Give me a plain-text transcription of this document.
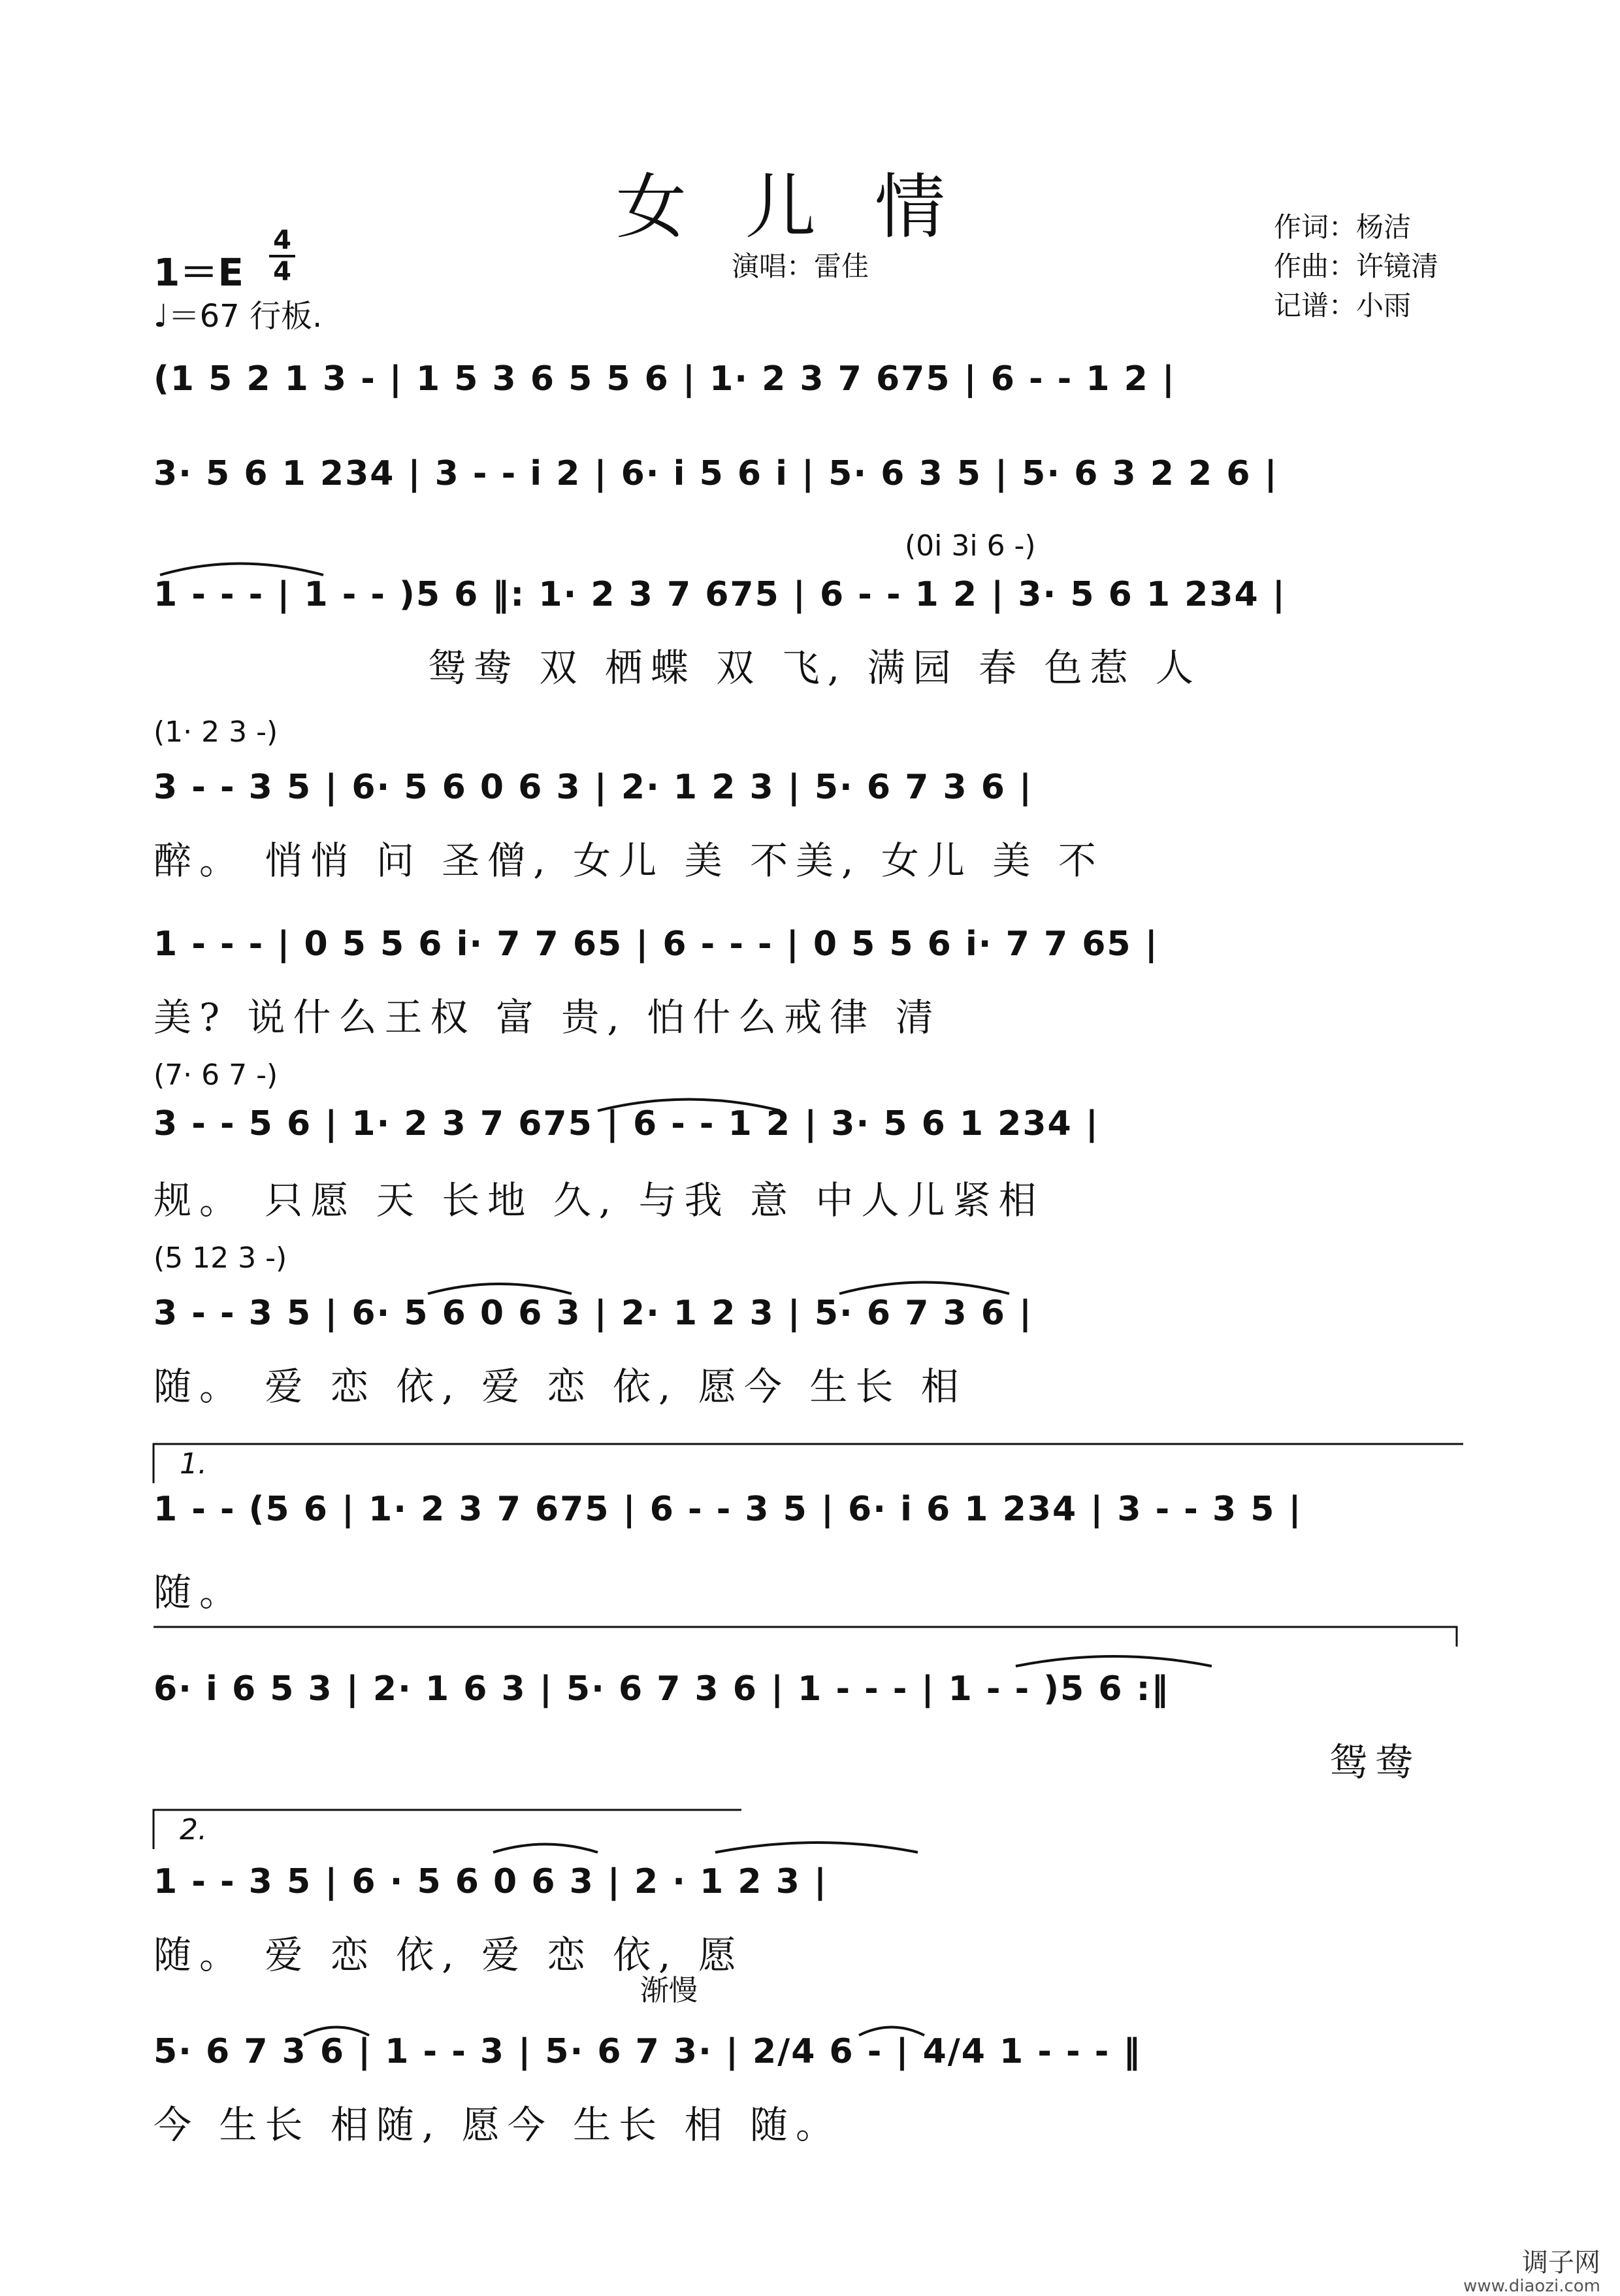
女儿情
1＝E
4
4
♩＝67 行板.
演唱：雷佳
作词：杨洁
作曲：许镜清
记谱：小雨
(1 5 2 1 3 - | 1 5 3 6 5 5 6 | 1· 2 3 7 675 | 6 - - 1 2 |
3· 5 6 1 234 | 3 - - i 2 | 6· i 5 6 i | 5· 6 3 5 | 5· 6 3 2 2 6 |
(0i 3i 6 -)
1 - - - | 1 - - )5 6 ‖: 1· 2 3 7 675 | 6 - - 1 2 | 3· 5 6 1 234 |
鸳鸯 双 栖蝶 双 飞, 满园 春 色惹 人
(1· 2 3 -)
3 - - 3 5 | 6· 5 6 0 6 3 | 2· 1 2 3 | 5· 6 7 3 6 |
醉。 悄悄 问 圣僧, 女儿 美 不美, 女儿 美 不
1 - - - | 0 5 5 6 i· 7 7 65 | 6 - - - | 0 5 5 6 i· 7 7 65 |
美? 说什么王权 富 贵, 怕什么戒律 清
(7· 6 7 -)
3 - - 5 6 | 1· 2 3 7 675 | 6 - - 1 2 | 3· 5 6 1 234 |
规。 只愿 天 长地 久, 与我 意 中人儿紧相
(5 12 3 -)
3 - - 3 5 | 6· 5 6 0 6 3 | 2· 1 2 3 | 5· 6 7 3 6 |
随。 爱 恋 依, 爱 恋 依, 愿今 生长 相
1.
1 - - (5 6 | 1· 2 3 7 675 | 6 - - 3 5 | 6· i 6 1 234 | 3 - - 3 5 |
随。
6· i 6 5 3 | 2· 1 6 3 | 5· 6 7 3 6 | 1 - - - | 1 - - )5 6 :‖
鸳鸯
2.
1 - - 3 5 | 6 · 5 6 0 6 3 | 2 · 1 2 3 |
随。 爱 恋 依, 爱 恋 依, 愿
渐慢
5· 6 7 3 6 | 1 - - 3 | 5· 6 7 3· | 2/4 6 - | 4/4 1 - - - ‖
今 生长 相随, 愿今 生长 相 随。
调子网
www.diaozi.com
